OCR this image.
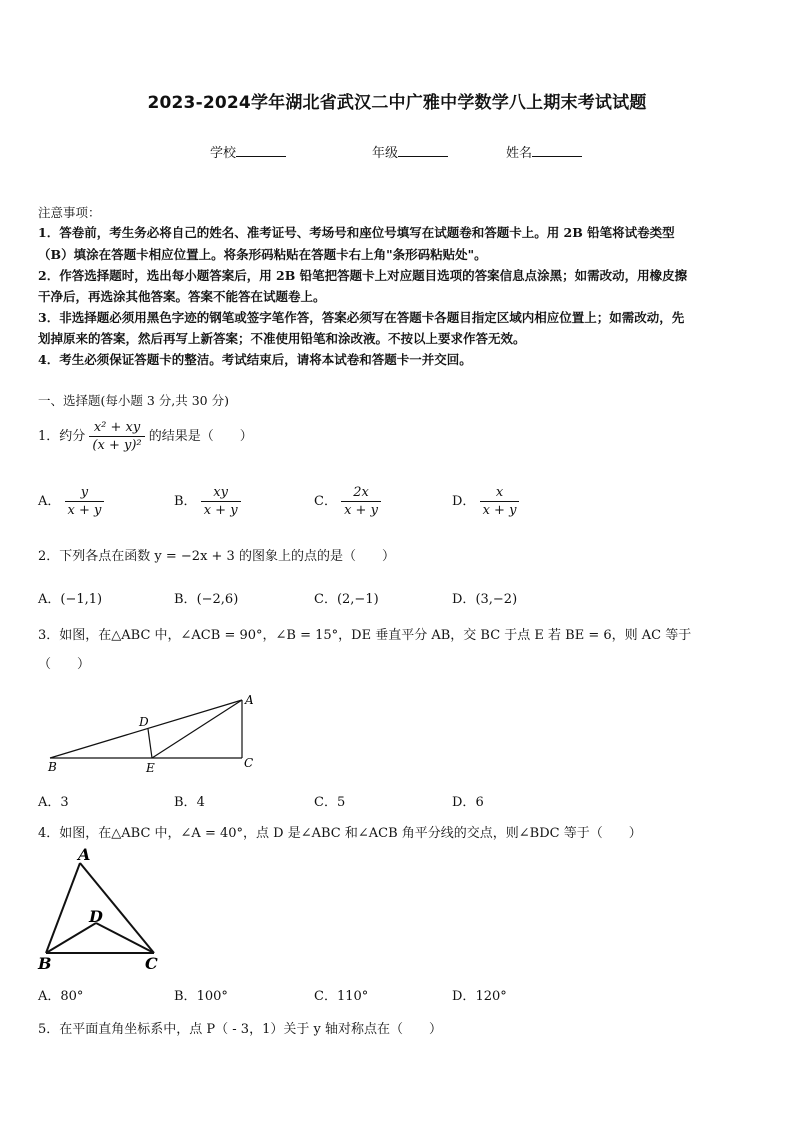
2023-2024学年湖北省武汉二中广雅中学数学八上期末考试试题
学校	年级	姓名
注意事项：
1．答卷前，考生务必将自己的姓名、准考证号、考场号和座位号填写在试题卷和答题卡上。用 2B 铅笔将试卷类型
（B）填涂在答题卡相应位置上。将条形码粘贴在答题卡右上角"条形码粘贴处"。
2．作答选择题时，选出每小题答案后，用 2B 铅笔把答题卡上对应题目选项的答案信息点涂黑；如需改动，用橡皮擦
干净后，再选涂其他答案。答案不能答在试题卷上。
3．非选择题必须用黑色字迹的钢笔或签字笔作答，答案必须写在答题卡各题目指定区域内相应位置上；如需改动，先
划掉原来的答案，然后再写上新答案；不准使用铅笔和涂改液。不按以上要求作答无效。
4．考生必须保证答题卡的整洁。考试结束后，请将本试卷和答题卡一并交回。
一、选择题(每小题 3 分,共 30 分)
1．约分 $\frac{\text{x² + xy}}{\text{(x + y)²}}$ 的结果是（　　）
A． $\frac{y}{x + y}$	B． $\frac{xy}{x + y}$	C． $\frac{2x}{x + y}$	D． $\frac{x}{x + y}$
2．下列各点在函数 y = −2x + 3 的图象上的点的是（　　）
A．(−1,1)	B．(−2,6)	C．(2,−1)	D．(3,−2)
3．如图，在△ABC 中，∠ACB = 90°，∠B = 15°，DE 垂直平分 AB，交 BC 于点 E 若 BE = 6，则 AC 等于
（　　）
A
B	C
D
E
A．3	B．4	C．5	D．6
4．如图，在△ABC 中，∠A = 40°，点 D 是∠ABC 和∠ACB 角平分线的交点，则∠BDC 等于（　　）
A
B	C
D
A．80°	B．100°	C．110°	D．120°
5．在平面直角坐标系中，点 P（ - 3，1）关于 y 轴对称点在（　　）
